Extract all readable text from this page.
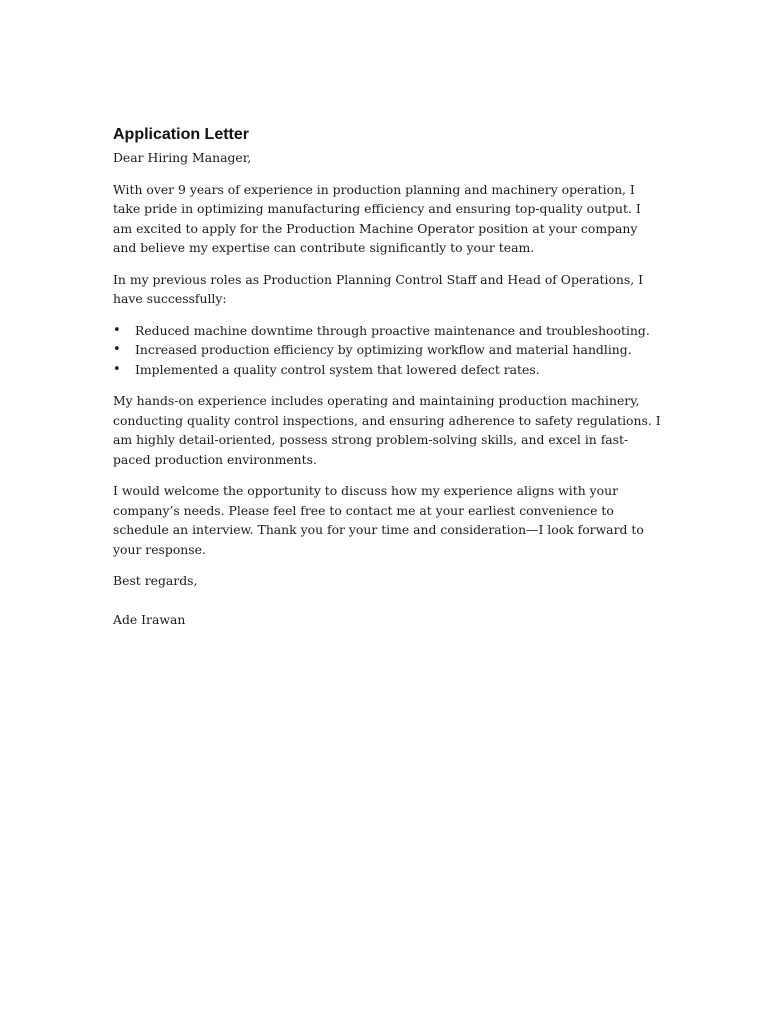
Application Letter

Dear Hiring Manager,

With over 9 years of experience in production planning and machinery operation, I take pride in optimizing manufacturing efficiency and ensuring top-quality output. I am excited to apply for the Production Machine Operator position at your company and believe my expertise can contribute significantly to your team.

In my previous roles as Production Planning Control Staff and Head of Operations, I have successfully:

• Reduced machine downtime through proactive maintenance and troubleshooting.
• Increased production efficiency by optimizing workflow and material handling.
• Implemented a quality control system that lowered defect rates.

My hands-on experience includes operating and maintaining production machinery, conducting quality control inspections, and ensuring adherence to safety regulations. I am highly detail-oriented, possess strong problem-solving skills, and excel in fast-paced production environments.

I would welcome the opportunity to discuss how my experience aligns with your company’s needs. Please feel free to contact me at your earliest convenience to schedule an interview. Thank you for your time and consideration—I look forward to your response.

Best regards,

Ade Irawan
